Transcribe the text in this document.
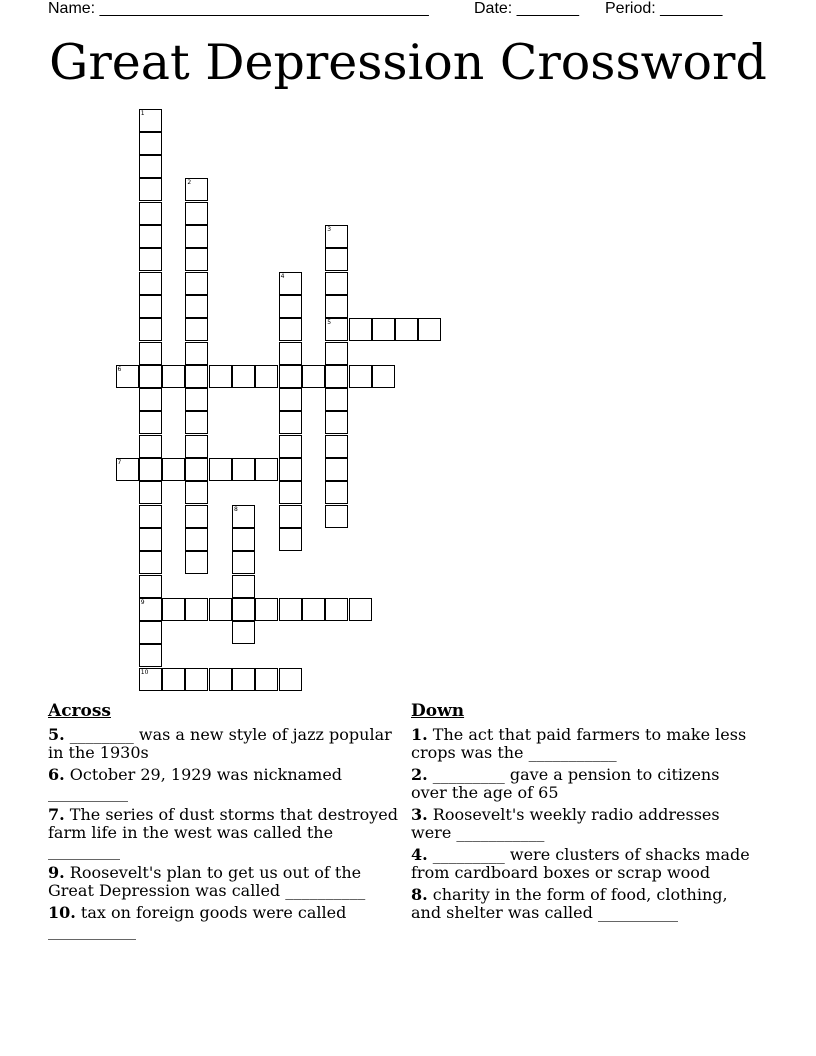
Name: _____________________________________	Date: _______ Period: _______
Great Depression Crossword
1
9
10
2
3
5
4
6
7
8
Across
5. ________ was a new style of jazz popular in the 1930s
6. October 29, 1929 was nicknamed __________
7. The series of dust storms that destroyed farm life in the west was called the _________
9. Roosevelt's plan to get us out of the Great Depression was called __________
10. tax on foreign goods were called ___________
Down
1. The act that paid farmers to make less crops was the ___________
2. _________ gave a pension to citizens over the age of 65
3. Roosevelt's weekly radio addresses were ___________
4. _________ were clusters of shacks made from cardboard boxes or scrap wood
8. charity in the form of food, clothing, and shelter was called __________
